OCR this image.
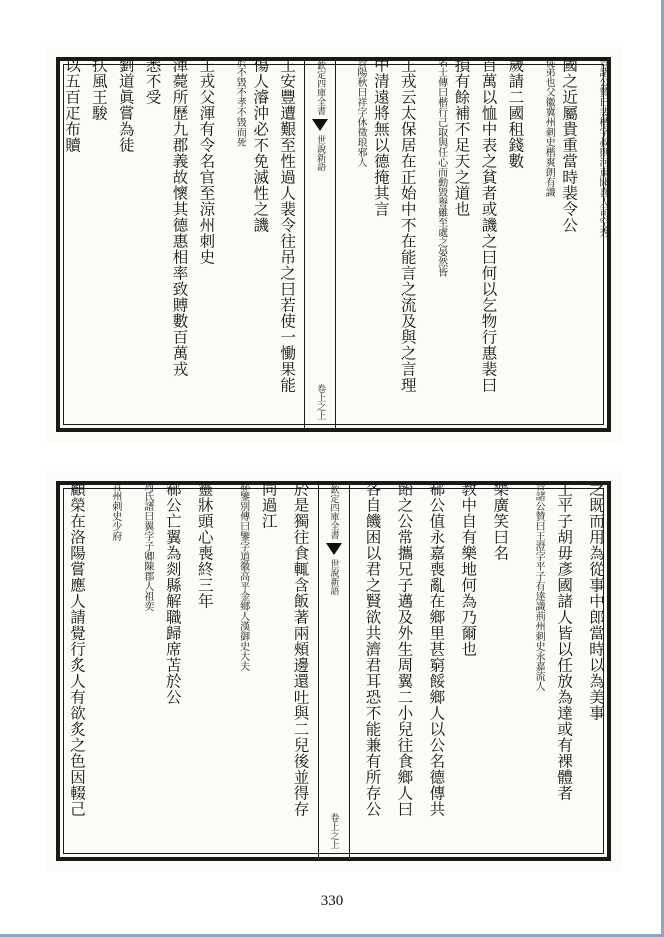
晉諸公贊曰裴楷字叔則河東聞喜人司空秀
國之近屬貴重當時裴令公
從弟也父徽冀州刺史楷爽朗有識
歲請二國租錢數
百萬以恤中表之貧者或譏之曰何以乞物行惠裴曰
損有餘補不足天之道也
名士傳曰楷行己取與任心而動毀譽雖至處之晏然皆
王戎云太保居在正始中不在能言之流及與之言理
中清遠將無以德掩其言
晉陽秋曰祥字休徵琅邪人
欽定四庫全書
世說新語
卷上之上
王安豐遭艱至性過人裴令往吊之曰若使一慟果能
傷人濬沖必不免滅性之譏
於不毀不孝不毀而死
王戎父渾有令名官至涼州刺史
渾薨所歷九郡義故懷其德惠相率致賻數百萬戎
悉不受
劉道眞嘗為徒
扶風王駿
以五百疋布贖
之既而用為從事中郎當時以為美事
王平子胡毋彥國諸人皆以任放為達或有裸體者
晉諸公贊曰王澄字平子有達識荊州刺史永嘉流人
樂廣笑曰名
教中自有樂地何為乃爾也
郗公值永嘉喪亂在鄉里甚窮餒鄉人以公名德傳共
飴之公常攜兄子邁及外生周翼二小兒往食鄉人曰
各自饑困以君之賢欲共濟君耳恐不能兼有所存公
欽定四庫全書
世說新語
卷上之上
於是獨往食輒含飯著兩頰邊還吐與二兒後並得存
同過江
郗鑒別傳曰鑒字道徽高平金鄉人漢御史大夫
靈牀頭心喪終三年
郗公亡翼為剡縣解職歸席苫於公
周氏譜曰翼字子卿陳郡人祖奕
青州刺史少府
顧榮在洛陽嘗應人請覺行炙人有欲炙之色因輟己
330
